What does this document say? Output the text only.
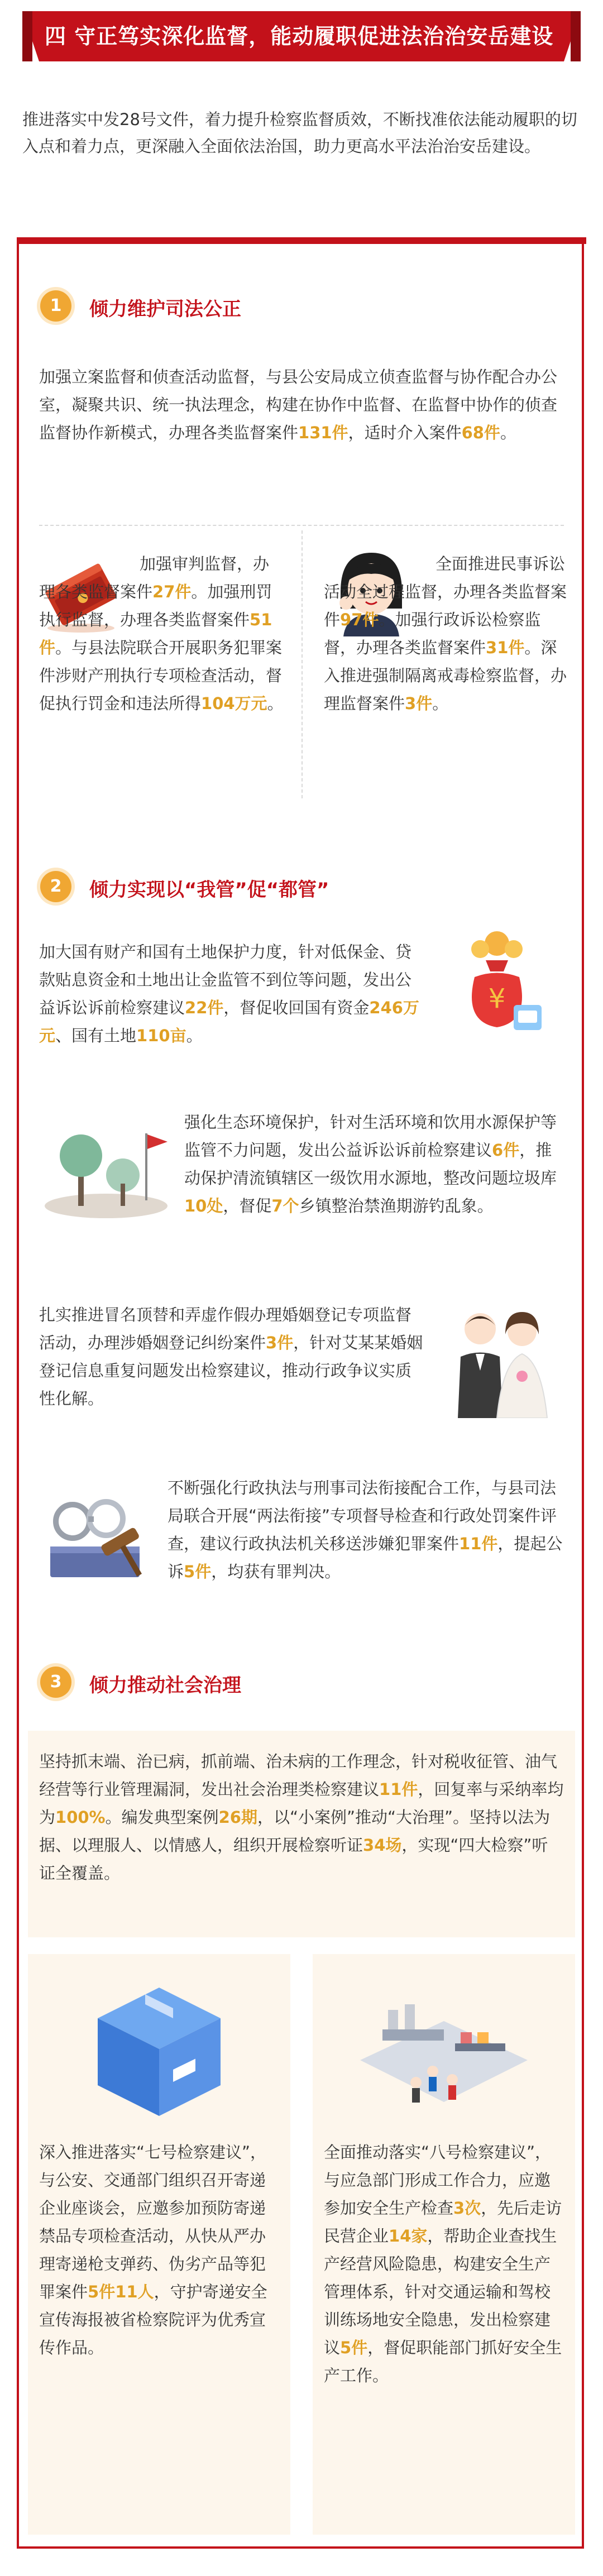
四 守正笃实深化监督，能动履职促进法治治安岳建设

推进落实中发28号文件，着力提升检察监督质效，不断找准依法能动履职的切入点和着力点，更深融入全面依法治国，助力更高水平法治治安岳建设。

1	倾力维护司法公正

加强立案监督和侦查活动监督，与县公安局成立侦查监督与协作配合办公室，凝聚共识、统一执法理念，构建在协作中监督、在监督中协作的侦查监督协作新模式，办理各类监督案件131件，适时介入案件68件。

加强审判监督，办理各类监督案件27件。加强刑罚执行监督，办理各类监督案件51件。与县法院联合开展职务犯罪案件涉财产刑执行专项检查活动，督促执行罚金和违法所得104万元。

全面推进民事诉讼活动全过程监督，办理各类监督案件97件。加强行政诉讼检察监督，办理各类监督案件31件。深入推进强制隔离戒毒检察监督，办理监督案件3件。

2	倾力实现以“我管”促“都管”

加大国有财产和国有土地保护力度，针对低保金、贷款贴息资金和土地出让金监管不到位等问题，发出公益诉讼诉前检察建议22件，督促收回国有资金246万元、国有土地110亩。

¥

强化生态环境保护，针对生活环境和饮用水源保护等监管不力问题，发出公益诉讼诉前检察建议6件，推动保护清流镇辖区一级饮用水源地，整改问题垃圾库10处，督促7个乡镇整治禁渔期游钓乱象。

扎实推进冒名顶替和弄虚作假办理婚姻登记专项监督活动，办理涉婚姻登记纠纷案件3件，针对艾某某婚姻登记信息重复问题发出检察建议，推动行政争议实质性化解。

不断强化行政执法与刑事司法衔接配合工作，与县司法局联合开展“两法衔接”专项督导检查和行政处罚案件评查，建议行政执法机关移送涉嫌犯罪案件11件，提起公诉5件，均获有罪判决。

3	倾力推动社会治理

坚持抓末端、治已病，抓前端、治未病的工作理念，针对税收征管、油气经营等行业管理漏洞，发出社会治理类检察建议11件，回复率与采纳率均为100%。编发典型案例26期，以“小案例”推动“大治理”。坚持以法为据、以理服人、以情感人，组织开展检察听证34场，实现“四大检察”听证全覆盖。

深入推进落实“七号检察建议”，与公安、交通部门组织召开寄递企业座谈会，应邀参加预防寄递禁品专项检查活动，从快从严办理寄递枪支弹药、伪劣产品等犯罪案件5件11人，守护寄递安全宣传海报被省检察院评为优秀宣传作品。

全面推动落实“八号检察建议”，与应急部门形成工作合力，应邀参加安全生产检查3次，先后走访民营企业14家，帮助企业查找生产经营风险隐患，构建安全生产管理体系，针对交通运输和驾校训练场地安全隐患，发出检察建议5件，督促职能部门抓好安全生产工作。
